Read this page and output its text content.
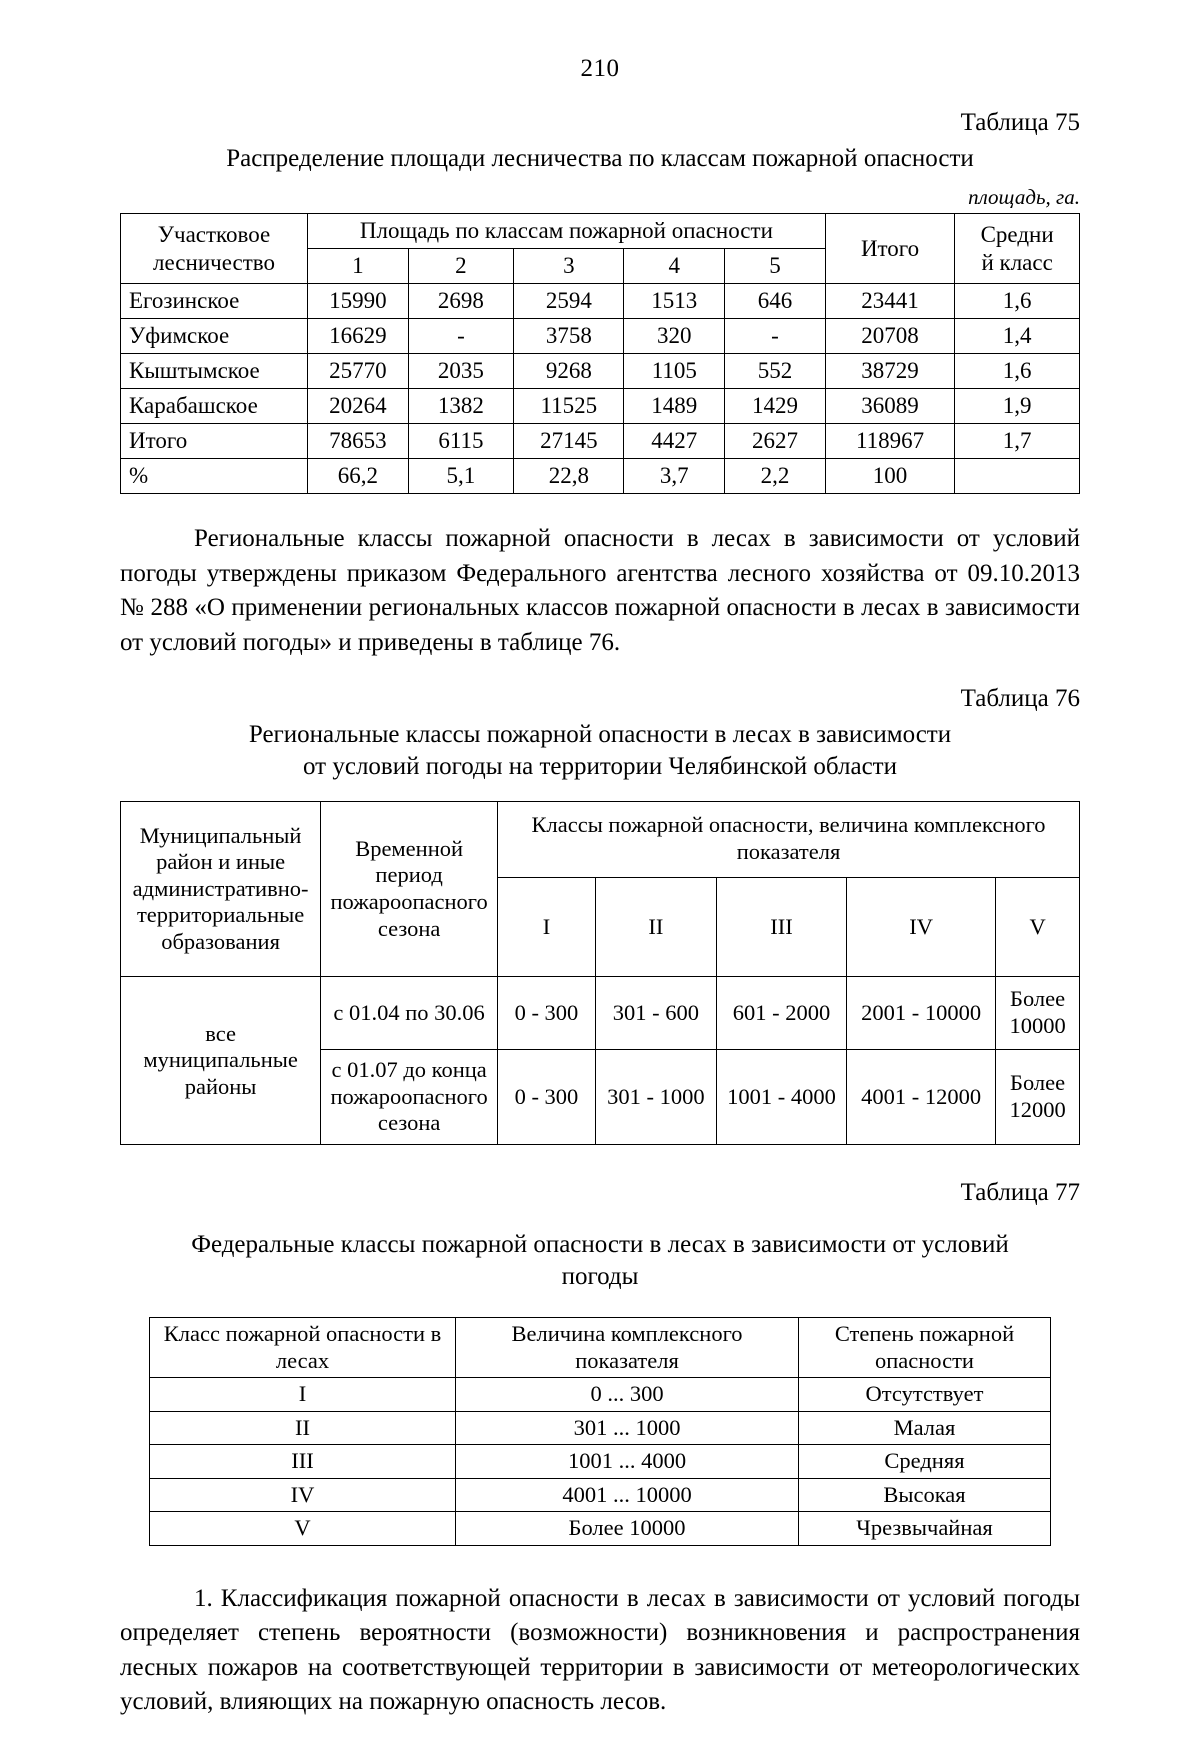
210
Таблица 75
Распределение площади лесничества по классам пожарной опасности
площадь, га.
Участковое
лесничество	Площадь по классам пожарной опасности					Итого	Средни
й класс
	1	2	3	4	5		
Егозинское	15990	2698	2594	1513	646	23441	1,6
Уфимское	16629	-	3758	320	-	20708	1,4
Кыштымское	25770	2035	9268	1105	552	38729	1,6
Карабашское	20264	1382	11525	1489	1429	36089	1,9
Итого	78653	6115	27145	4427	2627	118967	1,7
%	66,2	5,1	22,8	3,7	2,2	100	

Региональные классы пожарной опасности в лесах в зависимости от условий погоды утверждены приказом Федерального агентства лесного хозяйства от 09.10.2013 № 288 «О применении региональных классов пожарной опасности в лесах в зависимости от условий погоды» и приведены в таблице 76.

Таблица 76
Региональные классы пожарной опасности в лесах в зависимости
от условий погоды на территории Челябинской области
Муниципальный район и иные административно-территориальные образования	Временной период пожароопасного сезона	Классы пожарной опасности, величина комплексного показателя				
		I	II	III	IV	V
все муниципальные районы	с 01.04 по 30.06	0 - 300	301 - 600	601 - 2000	2001 - 10000	Более
10000
	с 01.07 до конца пожароопасного сезона	0 - 300	301 - 1000	1001 - 4000	4001 - 12000	Более
12000
Таблица 77
Федеральные классы пожарной опасности в лесах в зависимости от условий
погоды
Класс пожарной опасности в лесах	Величина комплексного показателя	Степень пожарной опасности
I	0 ... 300	Отсутствует
II	301 ... 1000	Малая
III	1001 ... 4000	Средняя
IV	4001 ... 10000	Высокая
V	Более 10000	Чрезвычайная

1. Классификация пожарной опасности в лесах в зависимости от условий погоды определяет степень вероятности (возможности) возникновения и распространения лесных пожаров на соответствующей территории в зависимости от метеорологических условий, влияющих на пожарную опасность лесов.
